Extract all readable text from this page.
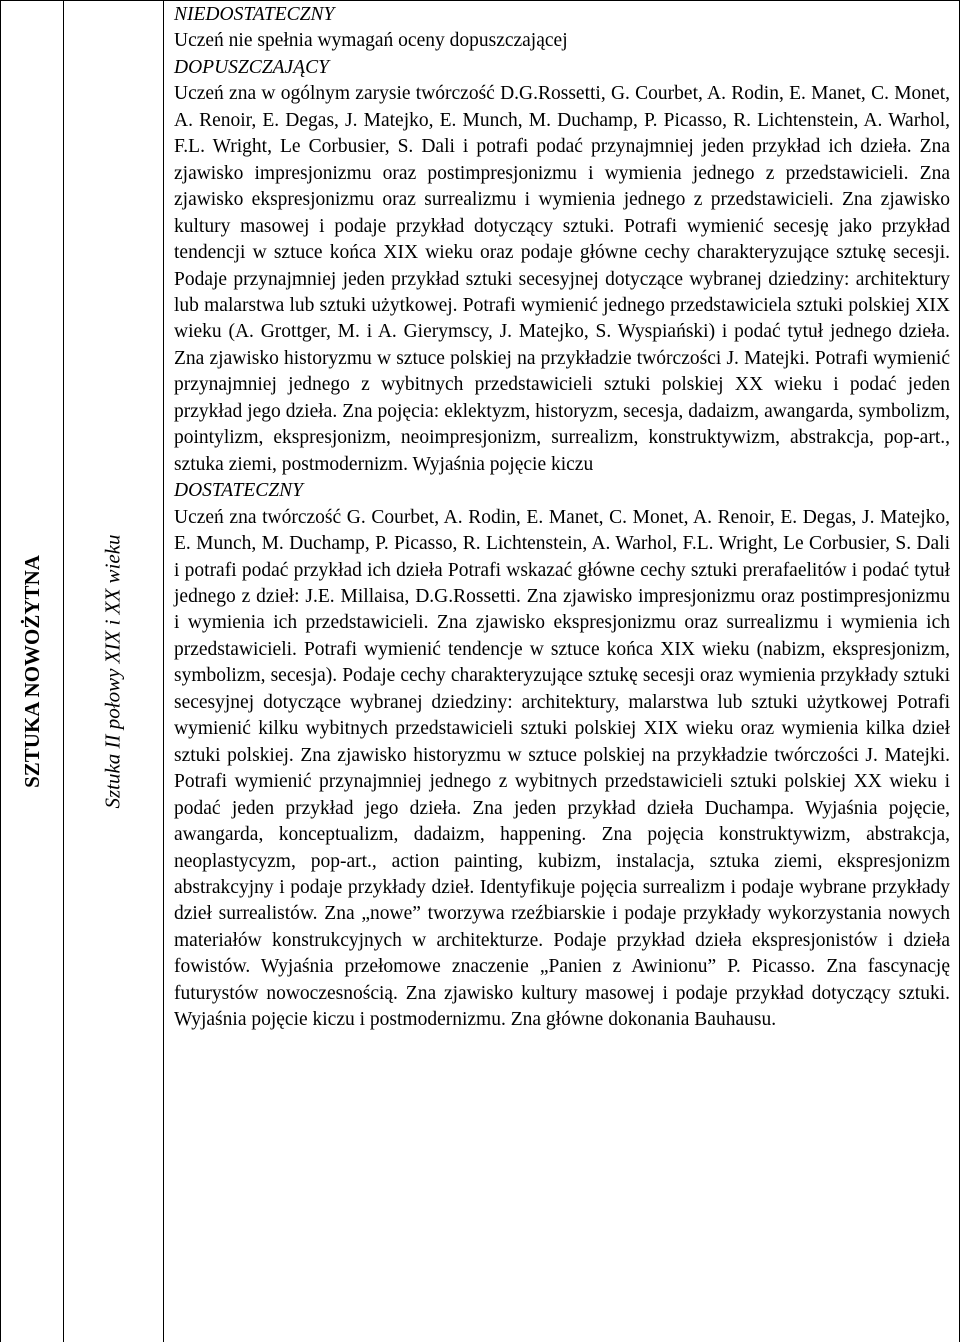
SZTUKA NOWOŻYTNA	Sztuka II połowy XIX i XX wieku
NIEDOSTATECZNY

Uczeń nie spełnia wymagań oceny dopuszczającej

DOPUSZCZAJĄCY

Uczeń zna w ogólnym zarysie twórczość D.G.Rossetti, G. Courbet, A. Rodin, E. Manet, C. Monet, A. Renoir, E. Degas, J. Matejko, E. Munch, M. Duchamp, P. Picasso, R. Lichtenstein, A. Warhol, F.L. Wright, Le Corbusier, S. Dali i potrafi podać przynajmniej jeden przykład ich dzieła. Zna zjawisko impresjonizmu oraz postimpresjonizmu i wymienia jednego z przedstawicieli. Zna zjawisko ekspresjonizmu oraz surrealizmu i wymienia jednego z przedstawicieli. Zna zjawisko kultury masowej i podaje przykład dotyczący sztuki. Potrafi wymienić secesję jako przykład tendencji w sztuce końca XIX wieku oraz podaje główne cechy charakteryzujące sztukę secesji. Podaje przynajmniej jeden przykład sztuki secesyjnej dotyczące wybranej dziedziny: architektury lub malarstwa lub sztuki użytkowej. Potrafi wymienić jednego przedstawiciela sztuki polskiej XIX wieku (A. Grottger, M. i A. Gierymscy, J. Matejko, S. Wyspiański) i podać tytuł jednego dzieła. Zna zjawisko historyzmu w sztuce polskiej na przykładzie twórczości J. Matejki. Potrafi wymienić przynajmniej jednego z wybitnych przedstawicieli sztuki polskiej XX wieku i podać jeden przykład jego dzieła. Zna pojęcia: eklektyzm, historyzm, secesja, dadaizm, awangarda, symbolizm, pointylizm, ekspresjonizm, neoimpresjonizm, surrealizm, konstruktywizm, abstrakcja, pop-art., sztuka ziemi, postmodernizm. Wyjaśnia pojęcie kiczu

DOSTATECZNY

Uczeń zna twórczość G. Courbet, A. Rodin, E. Manet, C. Monet, A. Renoir, E. Degas, J. Matejko, E. Munch, M. Duchamp, P. Picasso, R. Lichtenstein, A. Warhol, F.L. Wright, Le Corbusier, S. Dali i potrafi podać przykład ich dzieła Potrafi wskazać główne cechy sztuki prerafaelitów i podać tytuł jednego z dzieł: J.E. Millaisa, D.G.Rossetti. Zna zjawisko impresjonizmu oraz postimpresjonizmu i wymienia ich przedstawicieli. Zna zjawisko ekspresjonizmu oraz surrealizmu i wymienia ich przedstawicieli. Potrafi wymienić tendencje w sztuce końca XIX wieku (nabizm, ekspresjonizm, symbolizm, secesja). Podaje cechy charakteryzujące sztukę secesji oraz wymienia przykłady sztuki secesyjnej dotyczące wybranej dziedziny: architektury, malarstwa lub sztuki użytkowej Potrafi wymienić kilku wybitnych przedstawicieli sztuki polskiej XIX wieku oraz wymienia kilka dzieł sztuki polskiej. Zna zjawisko historyzmu w sztuce polskiej na przykładzie twórczości J. Matejki. Potrafi wymienić przynajmniej jednego z wybitnych przedstawicieli sztuki polskiej XX wieku i podać jeden przykład jego dzieła. Zna jeden przykład dzieła Duchampa. Wyjaśnia pojęcie, awangarda, konceptualizm, dadaizm, happening. Zna pojęcia konstruktywizm, abstrakcja, neoplastycyzm, pop-art., action painting, kubizm, instalacja, sztuka ziemi, ekspresjonizm abstrakcyjny i podaje przykłady dzieł. Identyfikuje pojęcia surrealizm i podaje wybrane przykłady dzieł surrealistów. Zna „nowe” tworzywa rzeźbiarskie i podaje przykłady wykorzystania nowych materiałów konstrukcyjnych w architekturze. Podaje przykład dzieła ekspresjonistów i dzieła fowistów. Wyjaśnia przełomowe znaczenie „Panien z Awinionu” P. Picasso. Zna fascynację futurystów nowoczesnością. Zna zjawisko kultury masowej i podaje przykład dotyczący sztuki. Wyjaśnia pojęcie kiczu i postmodernizmu. Zna główne dokonania Bauhausu.
